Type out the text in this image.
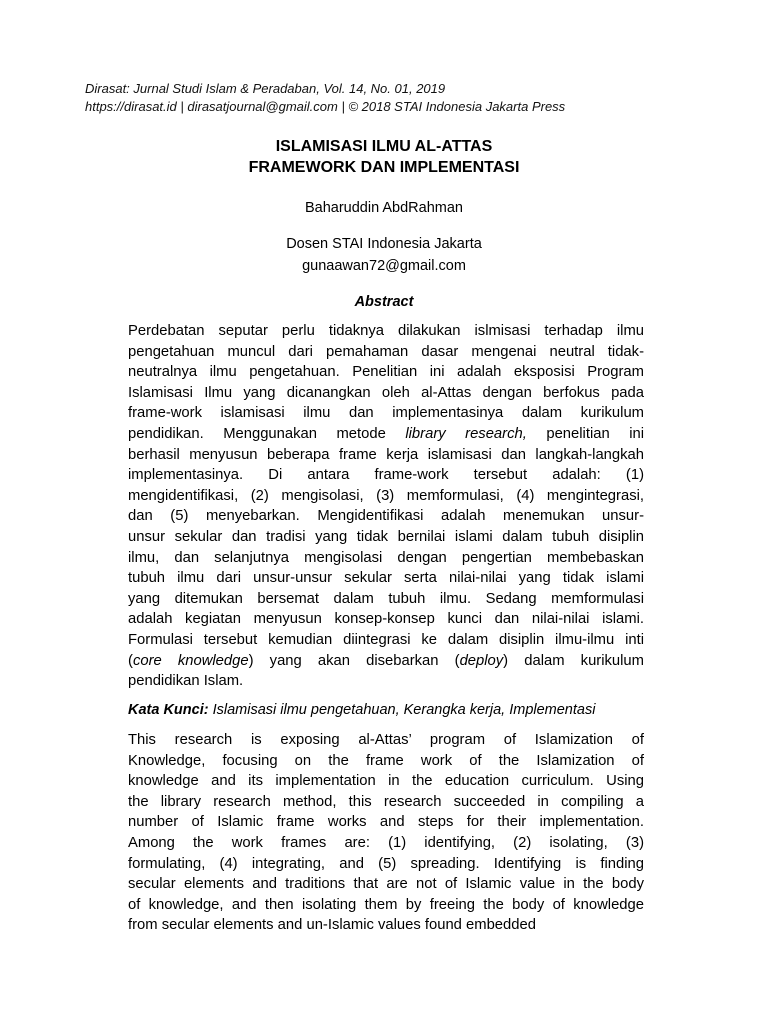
Dirasat: Jurnal Studi Islam & Peradaban, Vol. 14, No. 01, 2019
https://dirasat.id | dirasatjournal@gmail.com | © 2018 STAI Indonesia Jakarta Press
ISLAMISASI ILMU AL-ATTAS
FRAMEWORK DAN IMPLEMENTASI
Baharuddin AbdRahman
Dosen STAI Indonesia Jakarta
gunaawan72@gmail.com
Abstract
Perdebatan seputar perlu tidaknya dilakukan islmisasi terhadap ilmu
pengetahuan muncul dari pemahaman dasar mengenai neutral tidak-
neutralnya ilmu pengetahuan. Penelitian ini adalah eksposisi Program
Islamisasi Ilmu yang dicanangkan oleh al-Attas dengan berfokus pada
frame-work islamisasi ilmu dan implementasinya dalam kurikulum
pendidikan. Menggunakan metode library research, penelitian ini
berhasil menyusun beberapa frame kerja islamisasi dan langkah-langkah
implementasinya. Di antara frame-work tersebut adalah: (1)
mengidentifikasi, (2) mengisolasi, (3) memformulasi, (4) mengintegrasi,
dan (5) menyebarkan. Mengidentifikasi adalah menemukan unsur-
unsur sekular dan tradisi yang tidak bernilai islami dalam tubuh disiplin
ilmu, dan selanjutnya mengisolasi dengan pengertian membebaskan
tubuh ilmu dari unsur-unsur sekular serta nilai-nilai yang tidak islami
yang ditemukan bersemat dalam tubuh ilmu. Sedang memformulasi
adalah kegiatan menyusun konsep-konsep kunci dan nilai-nilai islami.
Formulasi tersebut kemudian diintegrasi ke dalam disiplin ilmu-ilmu inti
(core knowledge) yang akan disebarkan (deploy) dalam kurikulum
pendidikan Islam.
Kata Kunci: Islamisasi ilmu pengetahuan, Kerangka kerja, Implementasi
This research is exposing al-Attas’ program of Islamization of
Knowledge, focusing on the frame work of the Islamization of
knowledge and its implementation in the education curriculum. Using
the library research method, this research succeeded in compiling a
number of Islamic frame works and steps for their implementation.
Among the work frames are: (1) identifying, (2) isolating, (3)
formulating, (4) integrating, and (5) spreading. Identifying is finding
secular elements and traditions that are not of Islamic value in the body
of knowledge, and then isolating them by freeing the body of knowledge
from secular elements and un-Islamic values found embedded
